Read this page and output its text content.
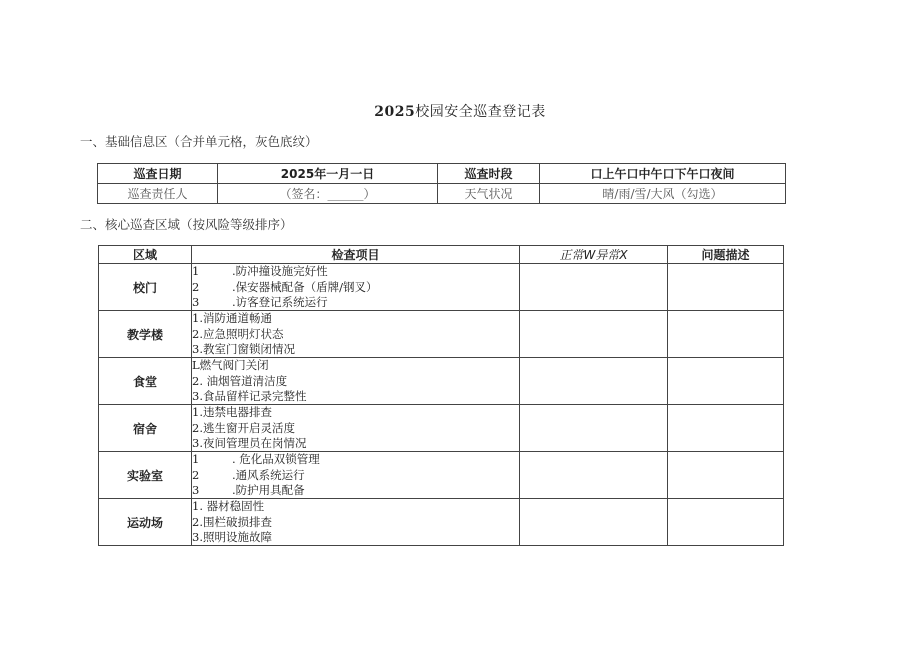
2025校园安全巡查登记表
一、基础信息区（合并单元格，灰色底纹）
巡查日期	2025年一月一日	巡查时段	口上午口中午口下午口夜间
巡查责任人	（签名：______）	天气状况	晴/雨/雪/大风（勾选）
二、核心巡查区域（按风险等级排序）
区域	检查项目	正常W异常X	问题描述
校门	1 .防冲撞设施完好性
2 .保安器械配备（盾牌/钢叉）
3 .访客登记系统运行		

教学楼	1.消防通道畅通
2.应急照明灯状态
3.教室门窗锁闭情况		

食堂	L燃气阀门关闭
2. 油烟管道清洁度
3.食品留样记录完整性		

宿舍	1.违禁电器排查
2.逃生窗开启灵活度
3.夜间管理员在岗情况		

实验室	1 . 危化品双锁管理
2 .通风系统运行
3 .防护用具配备		

运动场	1. 器材稳固性
2.围栏破损排查
3.照明设施故障		
